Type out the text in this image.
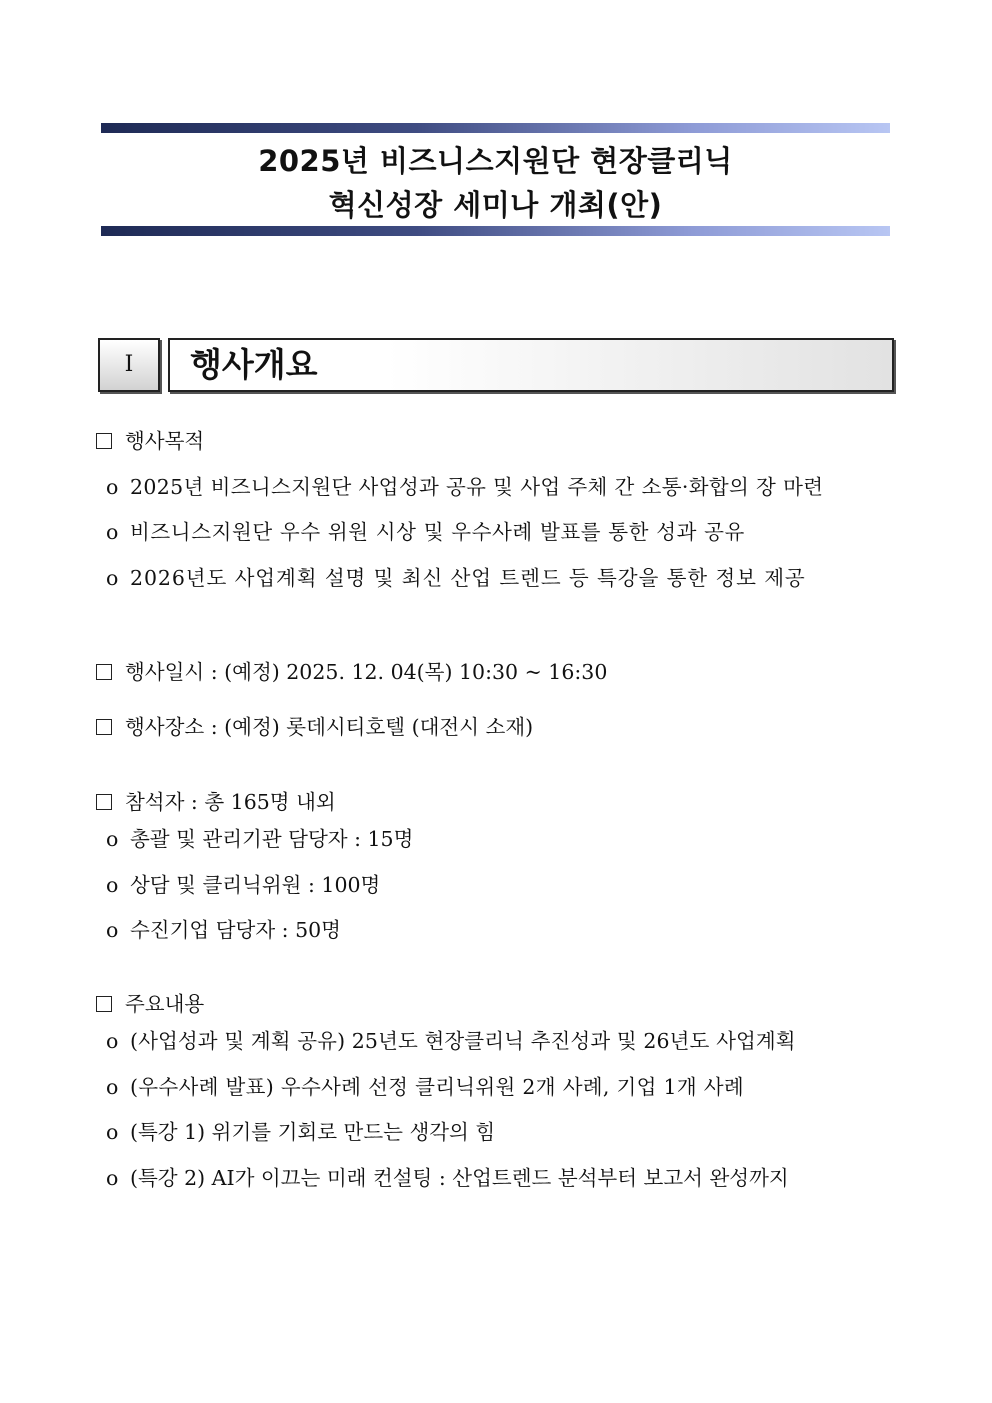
2025년 비즈니스지원단 현장클리닉
혁신성장 세미나 개최(안)
Ⅰ	행사개요
행사목적
o 2025년 비즈니스지원단 사업성과 공유 및 사업 주체 간 소통·화합의 장 마련
o 비즈니스지원단 우수 위원 시상 및 우수사례 발표를 통한 성과 공유
o 2026년도 사업계획 설명 및 최신 산업 트렌드 등 특강을 통한 정보 제공
행사일시 : (예정) 2025. 12. 04(목) 10:30 ~ 16:30
행사장소 : (예정) 롯데시티호텔 (대전시 소재)
참석자 : 총 165명 내외
o 총괄 및 관리기관 담당자 : 15명
o 상담 및 클리닉위원 : 100명
o 수진기업 담당자 : 50명
주요내용
o (사업성과 및 계획 공유) 25년도 현장클리닉 추진성과 및 26년도 사업계획
o (우수사례 발표) 우수사례 선정 클리닉위원 2개 사례, 기업 1개 사례
o (특강 1) 위기를 기회로 만드는 생각의 힘
o (특강 2) AI가 이끄는 미래 컨설팅 : 산업트렌드 분석부터 보고서 완성까지
